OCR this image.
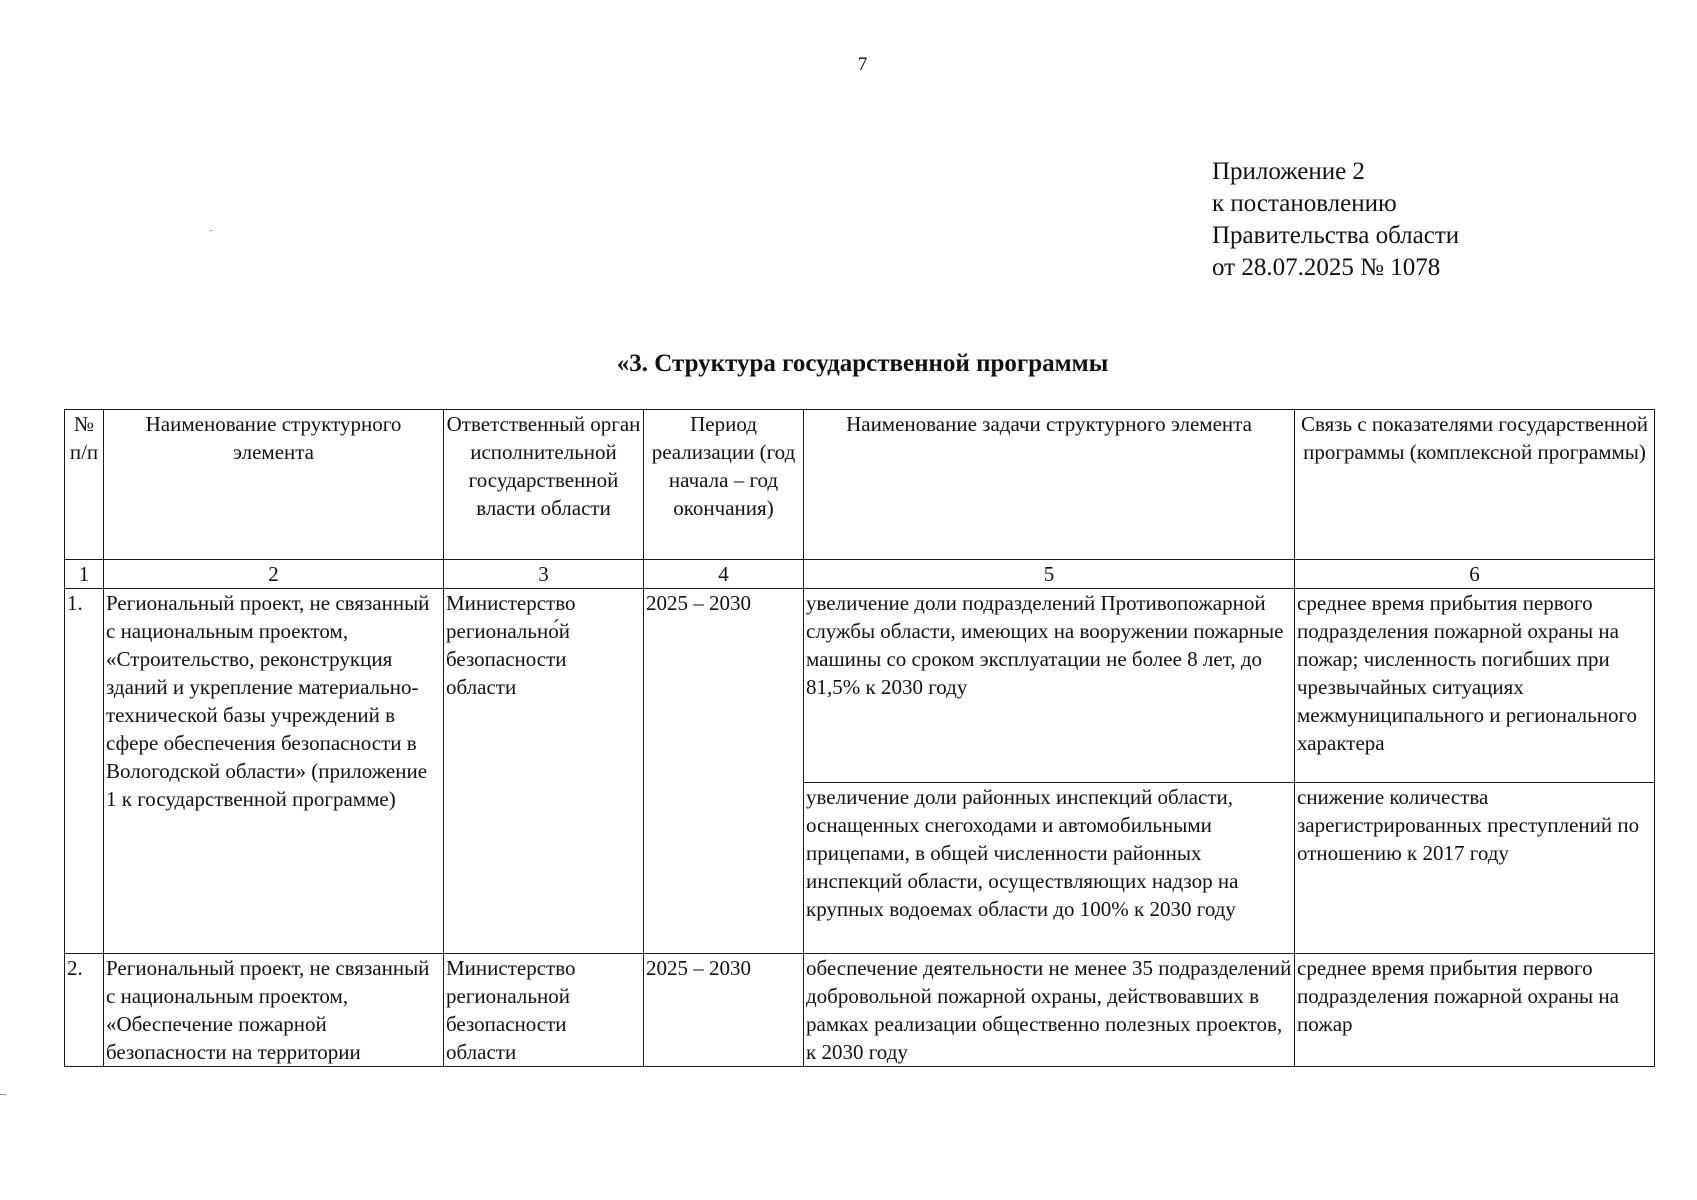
7
Приложение 2
к постановлению
Правительства области
от 28.07.2025 № 1078
«3. Структура государственной программы
№ п/п	Наименование структурного элемента	Ответственный орган исполнительной государственной власти области	Период реализации (год начала – год окончания)	Наименование задачи структурного элемента	Связь с показателями государственной программы (комплексной программы)
1	2	3	4	5	6
1.	Региональный проект, не связанный с национальным проектом, «Строительство, реконструкция зданий и укрепление материально-технической базы учреждений в сфере обеспечения безопасности в Вологодской области» (приложение 1 к государственной программе)	Министерство регионально́й безопасности области	2025 – 2030	увеличение доли подразделений Противопожарной службы области, имеющих на вооружении пожарные машины со сроком эксплуатации не более 8 лет, до 81,5% к 2030 году	среднее время прибытия первого подразделения пожарной охраны на пожар; численность погибших при чрезвычайных ситуациях межмуниципального и регионального характера
				увеличение доли районных инспекций области, оснащенных снегоходами и автомобильными прицепами, в общей численности районных инспекций области, осуществляющих надзор на крупных водоемах области до 100% к 2030 году	снижение количества зарегистрированных преступлений по отношению к 2017 году
2.	Региональный проект, не связанный с национальным проектом, «Обеспечение пожарной безопасности на территории	Министерство региональной безопасности области	2025 – 2030	обеспечение деятельности не менее 35 подразделений добровольной пожарной охраны, действовавших в рамках реализации общественно полезных проектов, к 2030 году	среднее время прибытия первого подразделения пожарной охраны на пожар
